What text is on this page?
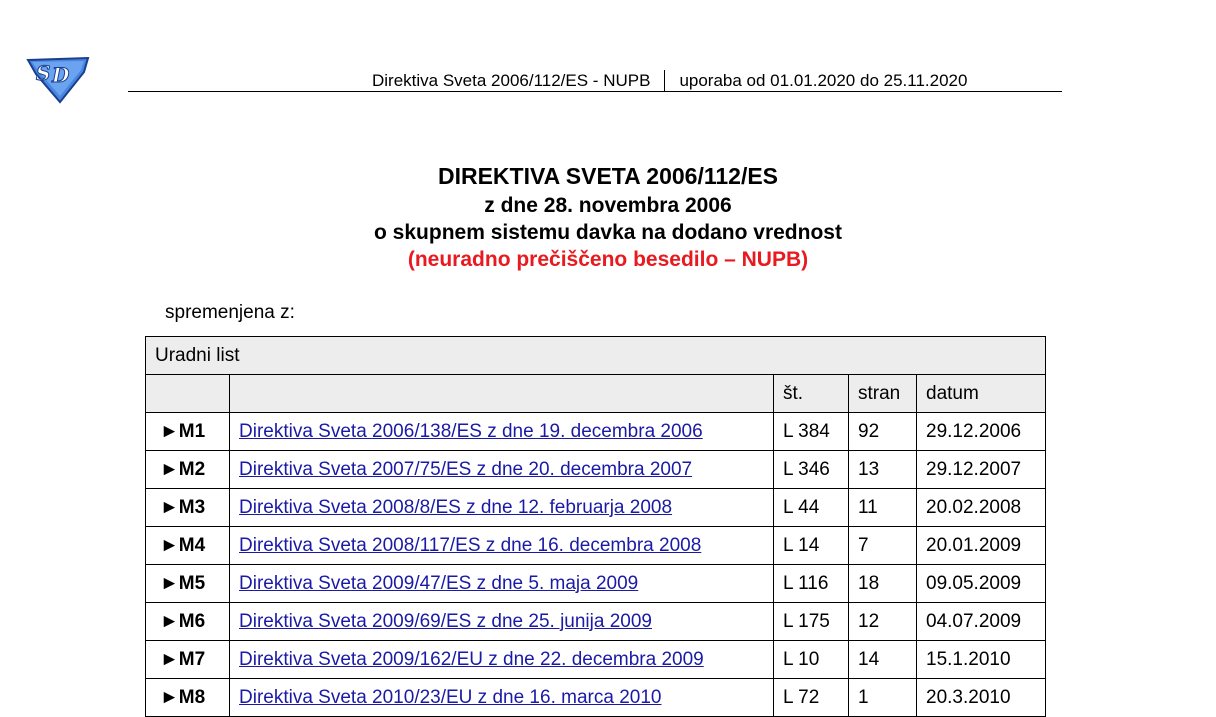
S D	Direktiva Sveta 2006/112/ES - NUPB uporaba od 01.01.2020 do 25.11.2020
DIREKTIVA SVETA 2006/112/ES
z dne 28. novembra 2006
o skupnem sistemu davka na dodano vrednost
(neuradno prečiščeno besedilo – NUPB)
spremenjena z:
Uradni list				
		št.	stran	datum
►M1	Direktiva Sveta 2006/138/ES z dne 19. decembra 2006	L 384	92	29.12.2006
►M2	Direktiva Sveta 2007/75/ES z dne 20. decembra 2007	L 346	13	29.12.2007
►M3	Direktiva Sveta 2008/8/ES z dne 12. februarja 2008	L 44	11	20.02.2008
►M4	Direktiva Sveta 2008/117/ES z dne 16. decembra 2008	L 14	7	20.01.2009
►M5	Direktiva Sveta 2009/47/ES z dne 5. maja 2009	L 116	18	09.05.2009
►M6	Direktiva Sveta 2009/69/ES z dne 25. junija 2009	L 175	12	04.07.2009
►M7	Direktiva Sveta 2009/162/EU z dne 22. decembra 2009	L 10	14	15.1.2010
►M8	Direktiva Sveta 2010/23/EU z dne 16. marca 2010	L 72	1	20.3.2010
